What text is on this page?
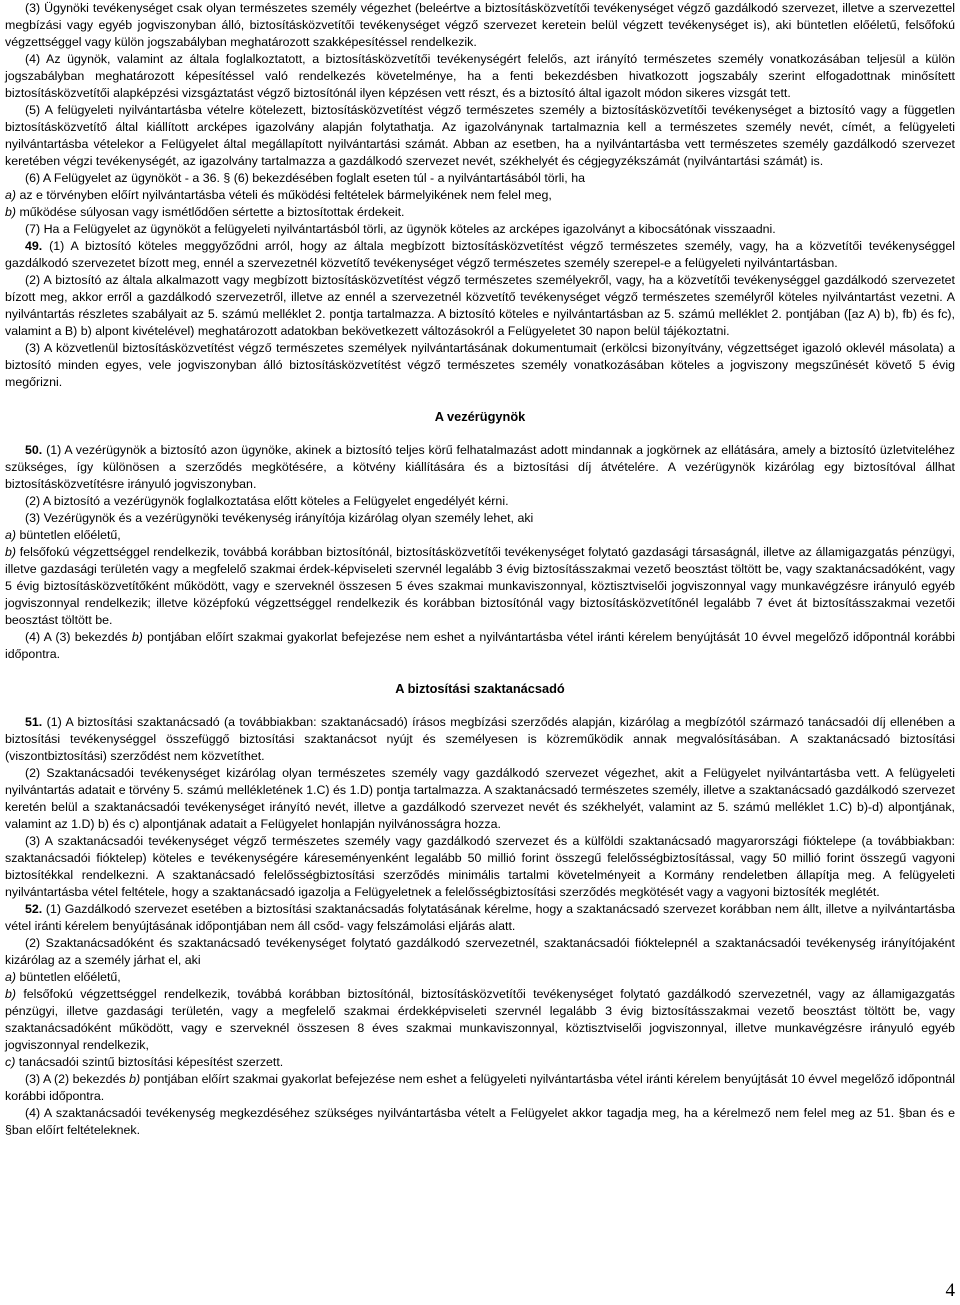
(3) Ügynöki tevékenységet csak olyan természetes személy végezhet (beleértve a biztosításközvetítői tevékenységet végző gazdálkodó szervezet, illetve a szervezettel megbízási vagy egyéb jogviszonyban álló, biztosításközvetítői tevékenységet végző szervezet keretein belül végzett tevékenységet is), aki büntetlen előéletű, felsőfokú végzettséggel vagy külön jogszabályban meghatározott szakképesítéssel rendelkezik.

(4) Az ügynök, valamint az általa foglalkoztatott, a biztosításközvetítői tevékenységért felelős, azt irányító természetes személy vonatkozásában teljesül a külön jogszabályban meghatározott képesítéssel való rendelkezés követelménye, ha a fenti bekezdésben hivatkozott jogszabály szerint elfogadottnak minősített biztosításközvetítői alapképzési vizsgáztatást végző biztosítónál ilyen képzésen vett részt, és a biztosító által igazolt módon sikeres vizsgát tett.

(5) A felügyeleti nyilvántartásba vételre kötelezett, biztosításközvetítést végző természetes személy a biztosításközvetítői tevékenységet a biztosító vagy a független biztosításközvetítő által kiállított arcképes igazolvány alapján folytathatja. Az igazolványnak tartalmaznia kell a természetes személy nevét, címét, a felügyeleti nyilvántartásba vételekor a Felügyelet által megállapított nyilvántartási számát. Abban az esetben, ha a nyilvántartásba vett természetes személy gazdálkodó szervezet keretében végzi tevékenységét, az igazolvány tartalmazza a gazdálkodó szervezet nevét, székhelyét és cégjegyzékszámát (nyilvántartási számát) is.

(6) A Felügyelet az ügynököt - a 36. § (6) bekezdésében foglalt eseten túl - a nyilvántartásából törli, ha

a) az e törvényben előírt nyilvántartásba vételi és működési feltételek bármelyikének nem felel meg,

b) működése súlyosan vagy ismétlődően sértette a biztosítottak érdekeit.

(7) Ha a Felügyelet az ügynököt a felügyeleti nyilvántartásból törli, az ügynök köteles az arcképes igazolványt a kibocsátónak visszaadni.

49. (1) A biztosító köteles meggyőződni arról, hogy az általa megbízott biztosításközvetítést végző természetes személy, vagy, ha a közvetítői tevékenységgel gazdálkodó szervezetet bízott meg, ennél a szervezetnél közvetítő tevékenységet végző természetes személy szerepel-e a felügyeleti nyilvántartásban.

(2) A biztosító az általa alkalmazott vagy megbízott biztosításközvetítést végző természetes személyekről, vagy, ha a közvetítői tevékenységgel gazdálkodó szervezetet bízott meg, akkor erről a gazdálkodó szervezetről, illetve az ennél a szervezetnél közvetítő tevékenységet végző természetes személyről köteles nyilvántartást vezetni. A nyilvántartás részletes szabályait az 5. számú melléklet 2. pontja tartalmazza. A biztosító köteles e nyilvántartásban az 5. számú melléklet 2. pontjában ([az A) b), fb) és fc), valamint a B) b) alpont kivételével) meghatározott adatokban bekövetkezett változásokról a Felügyeletet 30 napon belül tájékoztatni.

(3) A közvetlenül biztosításközvetítést végző természetes személyek nyilvántartásának dokumentumait (erkölcsi bizonyítvány, végzettséget igazoló oklevél másolata) a biztosító minden egyes, vele jogviszonyban álló biztosításközvetítést végző természetes személy vonatkozásában köteles a jogviszony megszűnését követő 5 évig megőrizni.

A vezérügynök

50. (1) A vezérügynök a biztosító azon ügynöke, akinek a biztosító teljes körű felhatalmazást adott mindannak a jogkörnek az ellátására, amely a biztosító üzletviteléhez szükséges, így különösen a szerződés megkötésére, a kötvény kiállítására és a biztosítási díj átvételére. A vezérügynök kizárólag egy biztosítóval állhat biztosításközvetítésre irányuló jogviszonyban.

(2) A biztosító a vezérügynök foglalkoztatása előtt köteles a Felügyelet engedélyét kérni.

(3) Vezérügynök és a vezérügynöki tevékenység irányítója kizárólag olyan személy lehet, aki

a) büntetlen előéletű,

b) felsőfokú végzettséggel rendelkezik, továbbá korábban biztosítónál, biztosításközvetítői tevékenységet folytató gazdasági társaságnál, illetve az államigazgatás pénzügyi, illetve gazdasági területén vagy a megfelelő szakmai érdek-képviseleti szervnél legalább 3 évig biztosításszakmai vezető beosztást töltött be, vagy szaktanácsadóként, vagy 5 évig biztosításközvetítőként működött, vagy e szerveknél összesen 5 éves szakmai munkaviszonnyal, köztisztviselői jogviszonnyal vagy munkavégzésre irányuló egyéb jogviszonnyal rendelkezik; illetve középfokú végzettséggel rendelkezik és korábban biztosítónál vagy biztosításközvetítőnél legalább 7 évet át biztosításszakmai vezetői beosztást töltött be.

(4) A (3) bekezdés b) pontjában előírt szakmai gyakorlat befejezése nem eshet a nyilvántartásba vétel iránti kérelem benyújtását 10 évvel megelőző időpontnál korábbi időpontra.

A biztosítási szaktanácsadó

51. (1) A biztosítási szaktanácsadó (a továbbiakban: szaktanácsadó) írásos megbízási szerződés alapján, kizárólag a megbízótól származó tanácsadói díj ellenében a biztosítási tevékenységgel összefüggő biztosítási szaktanácsot nyújt és személyesen is közreműködik annak megvalósításában. A szaktanácsadó biztosítási (viszontbiztosítási) szerződést nem közvetíthet.

(2) Szaktanácsadói tevékenységet kizárólag olyan természetes személy vagy gazdálkodó szervezet végezhet, akit a Felügyelet nyilvántartásba vett. A felügyeleti nyilvántartás adatait e törvény 5. számú mellékletének 1.C) és 1.D) pontja tartalmazza. A szaktanácsadó természetes személy, illetve a szaktanácsadó gazdálkodó szervezet keretén belül a szaktanácsadói tevékenységet irányító nevét, illetve a gazdálkodó szervezet nevét és székhelyét, valamint az 5. számú melléklet 1.C) b)-d) alpontjának, valamint az 1.D) b) és c) alpontjának adatait a Felügyelet honlapján nyilvánosságra hozza.

(3) A szaktanácsadói tevékenységet végző természetes személy vagy gazdálkodó szervezet és a külföldi szaktanácsadó magyarországi fióktelepe (a továbbiakban: szaktanácsadói fióktelep) köteles e tevékenységére káreseményenként legalább 50 millió forint összegű felelősségbiztosítással, vagy 50 millió forint összegű vagyoni biztosítékkal rendelkezni. A szaktanácsadó felelősségbiztosítási szerződés minimális tartalmi követelményeit a Kormány rendeletben állapítja meg. A felügyeleti nyilvántartásba vétel feltétele, hogy a szaktanácsadó igazolja a Felügyeletnek a felelősségbiztosítási szerződés megkötését vagy a vagyoni biztosíték meglétét.

52. (1) Gazdálkodó szervezet esetében a biztosítási szaktanácsadás folytatásának kérelme, hogy a szaktanácsadó szervezet korábban nem állt, illetve a nyilvántartásba vétel iránti kérelem benyújtásának időpontjában nem áll csőd- vagy felszámolási eljárás alatt.

(2) Szaktanácsadóként és szaktanácsadó tevékenységet folytató gazdálkodó szervezetnél, szaktanácsadói fióktelepnél a szaktanácsadói tevékenység irányítójaként kizárólag az a személy járhat el, aki

a) büntetlen előéletű,

b) felsőfokú végzettséggel rendelkezik, továbbá korábban biztosítónál, biztosításközvetítői tevékenységet folytató gazdálkodó szervezetnél, vagy az államigazgatás pénzügyi, illetve gazdasági területén, vagy a megfelelő szakmai érdekképviseleti szervnél legalább 3 évig biztosításszakmai vezető beosztást töltött be, vagy szaktanácsadóként működött, vagy e szerveknél összesen 8 éves szakmai munkaviszonnyal, köztisztviselői jogviszonnyal, illetve munkavégzésre irányuló egyéb jogviszonnyal rendelkezik,

c) tanácsadói szintű biztosítási képesítést szerzett.

(3) A (2) bekezdés b) pontjában előírt szakmai gyakorlat befejezése nem eshet a felügyeleti nyilvántartásba vétel iránti kérelem benyújtását 10 évvel megelőző időpontnál korábbi időpontra.

(4) A szaktanácsadói tevékenység megkezdéséhez szükséges nyilvántartásba vételt a Felügyelet akkor tagadja meg, ha a kérelmező nem felel meg az 51. §ban és e §ban előírt feltételeknek.

4
